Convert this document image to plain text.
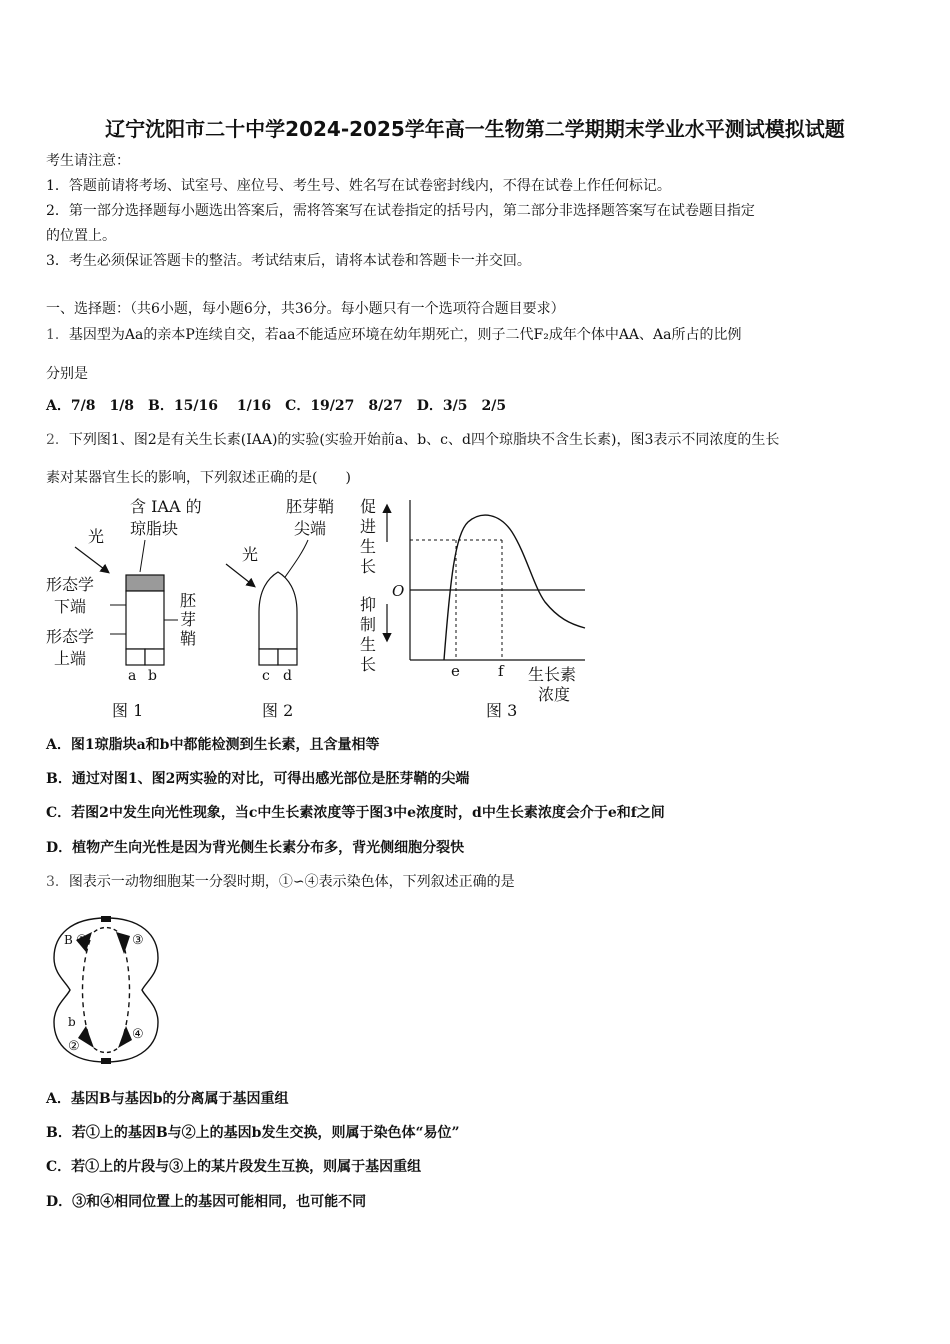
辽宁沈阳市二十中学2024-2025学年高一生物第二学期期末学业水平测试模拟试题
考生请注意：
1．答题前请将考场、试室号、座位号、考生号、姓名写在试卷密封线内，不得在试卷上作任何标记。
2．第一部分选择题每小题选出答案后，需将答案写在试卷指定的括号内，第二部分非选择题答案写在试卷题目指定
的位置上。
3．考生必须保证答题卡的整洁。考试结束后，请将本试卷和答题卡一并交回。
一、选择题：（共6小题，每小题6分，共36分。每小题只有一个选项符合题目要求）
1．基因型为Aa的亲本P连续自交，若aa不能适应环境在幼年期死亡，则子二代F₂成年个体中AA、Aa所占的比例
分别是
A．7/8　1/8　B．15/16　 1/16　C．19/27　8/27　D．3/5　2/5
2．下列图1、图2是有关生长素(IAA)的实验(实验开始前a、b、c、d四个琼脂块不含生长素)，图3表示不同浓度的生长
素对某器官生长的影响，下列叙述正确的是(　　)
含 IAA 的
琼脂块
光
形态学
下端
形态学
上端
胚
芽
鞘
a b
图 1
胚芽鞘
尖端
光
c d
图 2
促
进
生
长
O
抑
制
生
长	e	f 生长素
浓度
图 3
A．图1琼脂块a和b中都能检测到生长素，且含量相等
B．通过对图1、图2两实验的对比，可得出感光部位是胚芽鞘的尖端
C．若图2中发生向光性现象，当c中生长素浓度等于图3中e浓度时，d中生长素浓度会介于e和f之间
D．植物产生向光性是因为背光侧生长素分布多，背光侧细胞分裂快
3．图表示一动物细胞某一分裂时期，①∽④表示染色体，下列叙述正确的是
B ①	③
b
②
④
A．基因B与基因b的分离属于基因重组
B．若①上的基因B与②上的基因b发生交换，则属于染色体“易位”
C．若①上的片段与③上的某片段发生互换，则属于基因重组
D．③和④相同位置上的基因可能相同，也可能不同
